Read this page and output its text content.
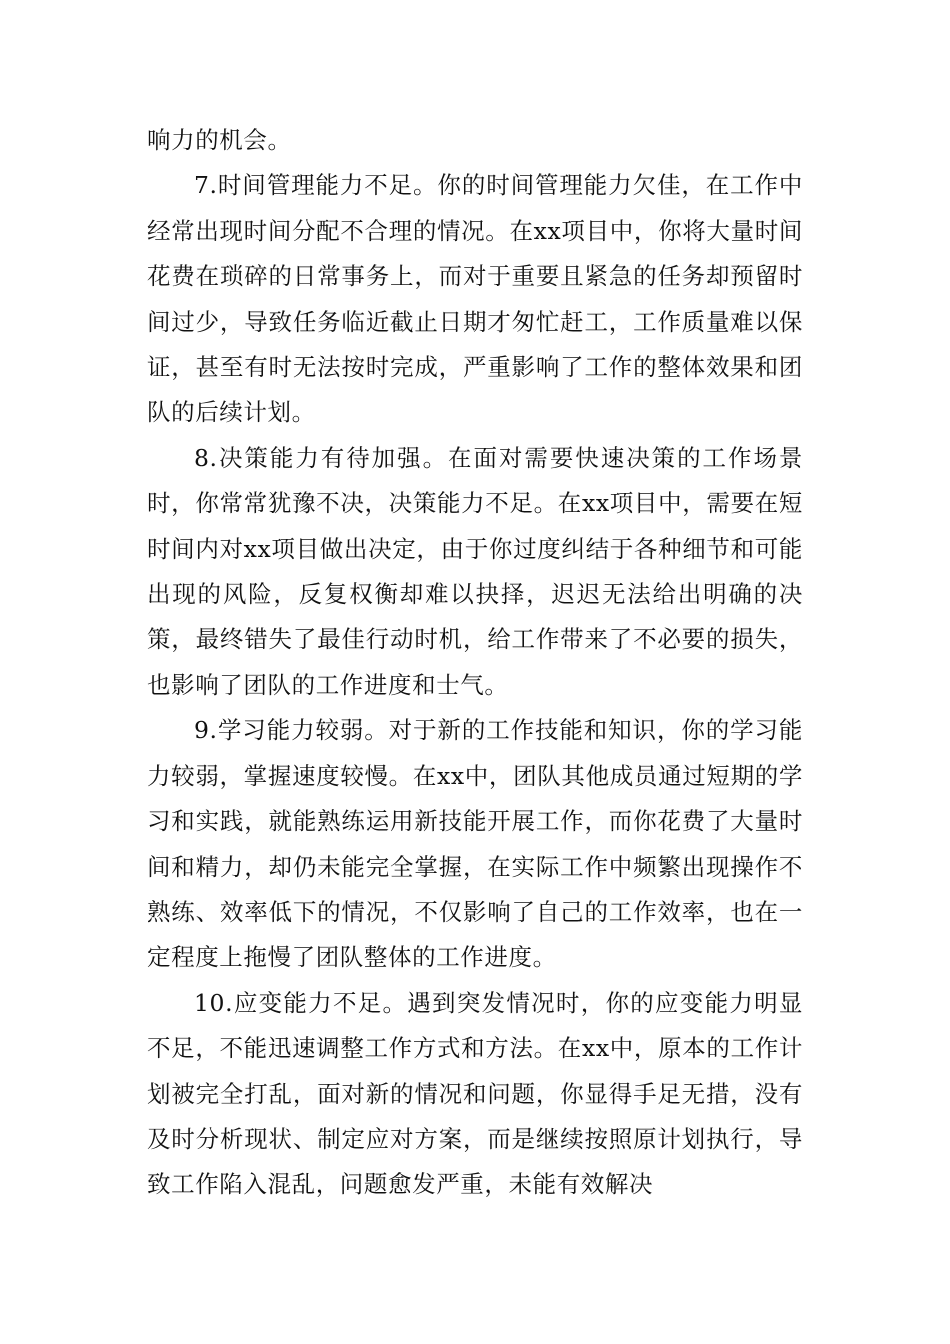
响力的机会。

7.时间管理能力不足。你的时间管理能力欠佳，在工作中经常出现时间分配不合理的情况。在xx项目中，你将大量时间花费在琐碎的日常事务上，而对于重要且紧急的任务却预留时间过少，导致任务临近截止日期才匆忙赶工，工作质量难以保证，甚至有时无法按时完成，严重影响了工作的整体效果和团队的后续计划。

8.决策能力有待加强。在面对需要快速决策的工作场景时，你常常犹豫不决，决策能力不足。在xx项目中，需要在短时间内对xx项目做出决定，由于你过度纠结于各种细节和可能出现的风险，反复权衡却难以抉择，迟迟无法给出明确的决策，最终错失了最佳行动时机，给工作带来了不必要的损失，也影响了团队的工作进度和士气。

9.学习能力较弱。对于新的工作技能和知识，你的学习能力较弱，掌握速度较慢。在xx中，团队其他成员通过短期的学习和实践，就能熟练运用新技能开展工作，而你花费了大量时间和精力，却仍未能完全掌握，在实际工作中频繁出现操作不熟练、效率低下的情况，不仅影响了自己的工作效率，也在一定程度上拖慢了团队整体的工作进度。

10.应变能力不足。遇到突发情况时，你的应变能力明显不足，不能迅速调整工作方式和方法。在xx中，原本的工作计划被完全打乱，面对新的情况和问题，你显得手足无措，没有及时分析现状、制定应对方案，而是继续按照原计划执行，导致工作陷入混乱，问题愈发严重，未能有效解决
